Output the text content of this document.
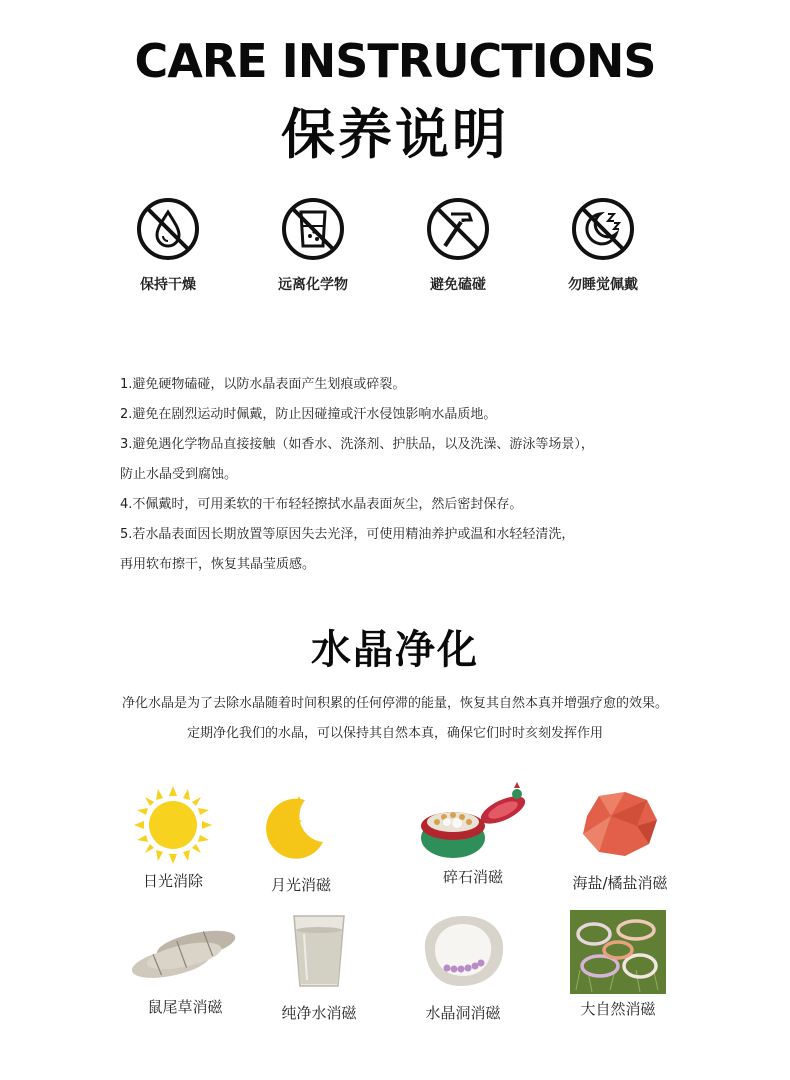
CARE INSTRUCTIONS
保养说明
保持干燥	远离化学物	避免磕碰	勿睡觉佩戴

1.避免硬物磕碰，以防水晶表面产生划痕或碎裂。

2.避免在剧烈运动时佩戴，防止因碰撞或汗水侵蚀影响水晶质地。

3.避免遇化学物品直接接触（如香水、洗涤剂、护肤品，以及洗澡、游泳等场景），

防止水晶受到腐蚀。

4.不佩戴时，可用柔软的干布轻轻擦拭水晶表面灰尘，然后密封保存。

5.若水晶表面因长期放置等原因失去光泽，可使用精油养护或温和水轻轻清洗，

再用软布擦干，恢复其晶莹质感。

水晶净化
净化水晶是为了去除水晶随着时间积累的任何停滞的能量，恢复其自然本真并增强疗愈的效果。
定期净化我们的水晶，可以保持其自然本真，确保它们时时亥刻发挥作用
日光消除	月光消磁	碎石消磁	海盐/橘盐消磁
鼠尾草消磁	纯净水消磁	水晶洞消磁	大自然消磁
